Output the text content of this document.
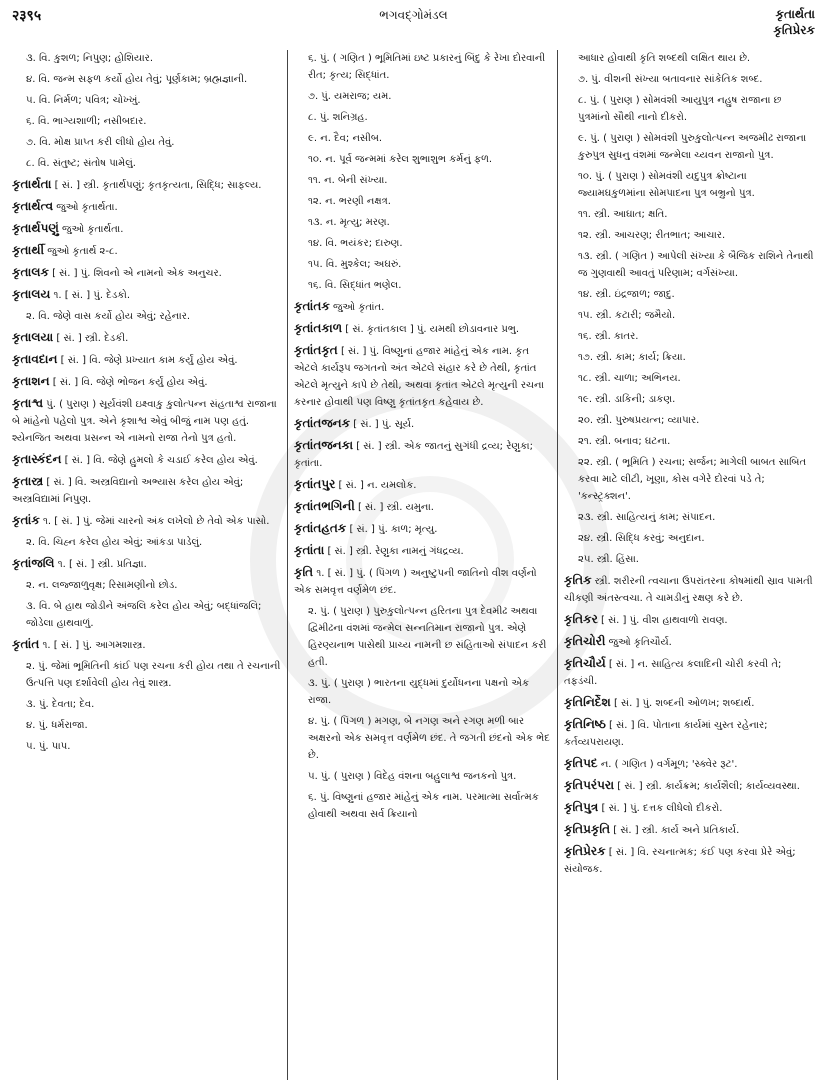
२३९५	ભગવદ્ગોમંડલ	કૃતાર્થતા
કૃતિપ્રેરક
૩. વિ. કુશળ; નિપુણ; હોશિયાર.
૪. વિ. જન્મ સફળ કર્યો હોય તેવું; પૂર્ણકામ; બ્રહ્મજ્ઞાની.
૫. વિ. નિર્મળ; પવિત્ર; ચોખ્ખું.
૬. વિ. ભાગ્યશાળી; નસીબદાર.
૭. વિ. મોક્ષ પ્રાપ્ત કરી લીધો હોય તેવું.
૮. વિ. સંતુષ્ટ; સંતોષ પામેલું.
કૃતાર્થતા [ સં. ] સ્ત્રી. કૃતાર્થપણું; કૃતકૃત્યતા, સિદ્ધિ; સાફલ્ય.
કૃતાર્થત્વ જુઓ કૃતાર્થતા.
કૃતાર્થપણું જુઓ કૃતાર્થતા.
કૃતાર્થી જુઓ કૃતાર્થ ૨-૮.
કૃતાલક [ સં. ] પું. શિવનો એ નામનો એક અનુચર.
કૃતાલય ૧. [ સં. ] પું. દેડકો.
૨. વિ. જેણે વાસ કર્યો હોય એવું; રહેનાર.
કૃતાલયા [ સં. ] સ્ત્રી. દેડકી.
કૃતાવદાન [ સં. ] વિ. જેણે પ્રખ્યાત કામ કર્યું હોય એવું.
કૃતાશન [ સં. ] વિ. જેણે ભોજન કર્યું હોય એવું.
કૃતાશ્વ પું. ( પુરાણ ) સૂર્યવંશી ઇક્ષ્વાકુ કુલોત્પન્ન સંહતાશ્વ રાજાના બે માંહેનો પહેલો પુત્ર. એને કૃશાશ્વ એવું બીજું નામ પણ હતું. શ્યેનજિત અથવા પ્રસન્ન એ નામનો રાજા તેનો પુત્ર હતો.
કૃતાસ્કંદન [ સં. ] વિ. જેણે હુમલો કે ચડાઈ કરેલ હોય એવું.
કૃતાસ્ત્ર [ સં. ] વિ. અસ્ત્રવિદ્યાનો અભ્યાસ કરેલ હોય એવું; અસ્ત્રવિદ્યામાં નિપુણ.
કૃતાંક ૧. [ સં. ] પું. જેમાં ચારનો અંક લખેલો છે તેવો એક પાસો.
૨. વિ. ચિહ્ન કરેલ હોય એવું; આંકડા પાડેલું.
કૃતાંજલિ ૧. [ સં. ] સ્ત્રી. પ્રતિજ્ઞા.
૨. ન. લજ્જાળુવૃક્ષ; રિસામણીનો છોડ.
૩. વિ. બે હાથ જોડીને અંજલિ કરેલ હોય એવું; બદ્ધાંજલિ; જોડેલા હાથવાળું.
કૃતાંત ૧. [ સં. ] પું. આગમશાસ્ત્ર.
૨. પું. જેમાં ભૂમિતિની કાંઈ પણ રચના કરી હોય તથા તે રચનાની ઉત્પત્તિ પણ દર્શાવેલી હોય તેવું શાસ્ત્ર.
૩. પું. દેવતા; દેવ.
૪. પું. ધર્મરાજા.
૫. પું. પાપ.
૬. પું. ( ગણિત ) ભૂમિતિમાં ઇષ્ટ પ્રકારનું બિંદુ કે રેખા દોરવાની રીત; કૃત્ય; સિદ્ધાંત.
૭. પું. યમરાજ; યમ.
૮. પું. શનિગ્રહ.
૯. ન. દૈવ; નસીબ.
૧૦. ન. પૂર્વ જન્મમાં કરેલ શુભાશુભ કર્મનું ફળ.
૧૧. ન. બેની સંખ્યા.
૧૨. ન. ભરણી નક્ષત્ર.
૧૩. ન. મૃત્યુ; મરણ.
૧૪. વિ. ભયંકર; દારુણ.
૧૫. વિ. મુશ્કેલ; અઘરું.
૧૬. વિ. સિદ્ધાંત ભણેલ.
કૃતાંતક જુઓ કૃતાંત.
કૃતાંતકાળ [ સં. કૃતાંતકાલ ] પું. યમથી છોડાવનાર પ્રભુ.
કૃતાંતકૃત [ સં. ] પું. વિષ્ણુનાં હજાર માંહેનું એક નામ. કૃત એટલે કાર્યરૂપ જગતનો અંત એટલે સંહાર કરે છે તેથી, કૃતાંત એટલે મૃત્યુને કાપે છે તેથી, અથવા કૃતાંત એટલે મૃત્યુની રચના કરનાર હોવાથી પણ વિષ્ણુ કૃતાંતકૃત કહેવાય છે.
કૃતાંતજનક [ સં. ] પું. સૂર્ય.
કૃતાંતજનકા [ સં. ] સ્ત્રી. એક જાતનું સુગંધી દ્રવ્ય; રેણુકા; કૃતાંતા.
કૃતાંતપુર [ સં. ] ન. યમલોક.
કૃતાંતભગિની [ સં. ] સ્ત્રી. યમુના.
કૃતાંતહતક [ સં. ] પું. કાળ; મૃત્યુ.
કૃતાંતા [ સં. ] સ્ત્રી. રેણુકા નામનું ગંધદ્રવ્ય.
કૃતિ ૧. [ સં. ] પું. ( પિંગળ ) અનુષ્ટુપની જાતિનો વીશ વર્ણનો એક સમવૃત્ત વર્ણમેળ છંદ.
૨. પું. ( પુરાણ ) પુરુકુલોત્પન્ન હરિતના પુત્ર દેવમીઢ અથવા દ્વિમીઢના વંશમાં જન્મેલ સન્નતિમાન રાજાનો પુત્ર. એણે હિરણ્યનાભ પાસેથી પ્રાચ્ય નામની છ સંહિતાઓ સંપાદન કરી હતી.
૩. પું. ( પુરાણ ) ભારતના યુદ્ધમાં દુર્યોધનના પક્ષનો એક રાજા.
૪. પું. ( પિંગળ ) મગણ, બે નગણ અને રગણ મળી બાર અક્ષરનો એક સમવૃત્ત વર્ણમેળ છંદ. તે જગતી છંદનો એક ભેદ છે.
૫. પું. ( પુરાણ ) વિદેહ વંશના બહુલાશ્વ જનકનો પુત્ર.
૬. પું. વિષ્ણુનાં હજાર માંહેનું એક નામ. પરમાત્મા સર્વાત્મક હોવાથી અથવા સર્વ ક્રિયાનો
આધાર હોવાથી કૃતિ શબ્દથી લક્ષિત થાય છે.
૭. પું. વીશની સંખ્યા બતાવનાર સાંકેતિક શબ્દ.
૮. પું. ( પુરાણ ) સોમવંશી આયુપુત્ર નહુષ રાજાના છ પુત્રમાંનો સૌથી નાનો દીકરો.
૯. પું. ( પુરાણ ) સોમવંશી પુરુકુલોત્પન્ન અજમીઢ રાજાના કુરુપુત્ર સુધનુ વંશમાં જન્મેલા ચ્યવન રાજાનો પુત્ર.
૧૦. પું. ( પુરાણ ) સોમવંશી યદુપુત્ર ક્રોષ્ટાના જ્યામઘકુળમાંના સોમપાદના પુત્ર બભ્રુનો પુત્ર.
૧૧. સ્ત્રી. આઘાત; ક્ષતિ.
૧૨. સ્ત્રી. આચરણ; રીતભાત; આચાર.
૧૩. સ્ત્રી. ( ગણિત ) આપેલી સંખ્યા કે બૈજિક રાશિને તેનાથી જ ગુણવાથી આવતું પરિણામ; વર્ગસંખ્યા.
૧૪. સ્ત્રી. ઇંદ્રજાળ; જાદુ.
૧૫. સ્ત્રી. કટારી; જમૈયો.
૧૬. સ્ત્રી. કાતર.
૧૭. સ્ત્રી. કામ; કાર્ય; ક્રિયા.
૧૮. સ્ત્રી. ચાળા; અભિનય.
૧૯. સ્ત્રી. ડાકિની; ડાકણ.
૨૦. સ્ત્રી. પુરુષપ્રયત્ન; વ્યાપાર.
૨૧. સ્ત્રી. બનાવ; ઘટના.
૨૨. સ્ત્રી. ( ભૂમિતિ ) રચના; સર્જન; માગેલી બાબત સાબિત કરવા માટે લીટી, ખૂણા, કોસ વગેરે દોરવાં પડે તે; 'કન્સ્ટ્રક્શન'.
૨૩. સ્ત્રી. સાહિત્યનું કામ; સંપાદન.
૨૪. સ્ત્રી. સિદ્ધિ કરવું; અનુદાન.
૨૫. સ્ત્રી. હિંસા.
કૃતિક સ્ત્રી. શરીરની ત્વચાના ઉપરાંતરના કોષમાંથી સ્રાવ પામતી ચીકણી અંતસ્ત્વચા. તે ચામડીનું રક્ષણ કરે છે.
કૃતિકર [ સં. ] પું. વીશ હાથવાળો રાવણ.
કૃતિચોરી જુઓ કૃતિચૌર્ય.
કૃતિચૌર્ય [ સં. ] ન. સાહિત્ય કલાદિની ચોરી કરવી તે; તફડંચી.
કૃતિનિર્દેશ [ સં. ] પું. શબ્દની ઓળખ; શબ્દાર્થ.
કૃતિનિષ્ઠ [ સં. ] વિ. પોતાના કાર્યમાં ચુસ્ત રહેનાર; કર્તવ્યપરાયણ.
કૃતિપદ ન. ( ગણિત ) વર્ગમૂળ; 'સ્ક્વેર રૂટ'.
કૃતિપરંપરા [ સં. ] સ્ત્રી. કાર્યક્રમ; કાર્યશૈલી; કાર્યવ્યવસ્થા.
કૃતિપુત્ર [ સં. ] પું. દત્તક લીધેલો દીકરો.
કૃતિપ્રકૃતિ [ સં. ] સ્ત્રી. કાર્ય અને પ્રતિકાર્ય.
કૃતિપ્રેરક [ સં. ] વિ. રચનાત્મક; કંઈ પણ કરવા પ્રેરે એવું; સંયોજક.
